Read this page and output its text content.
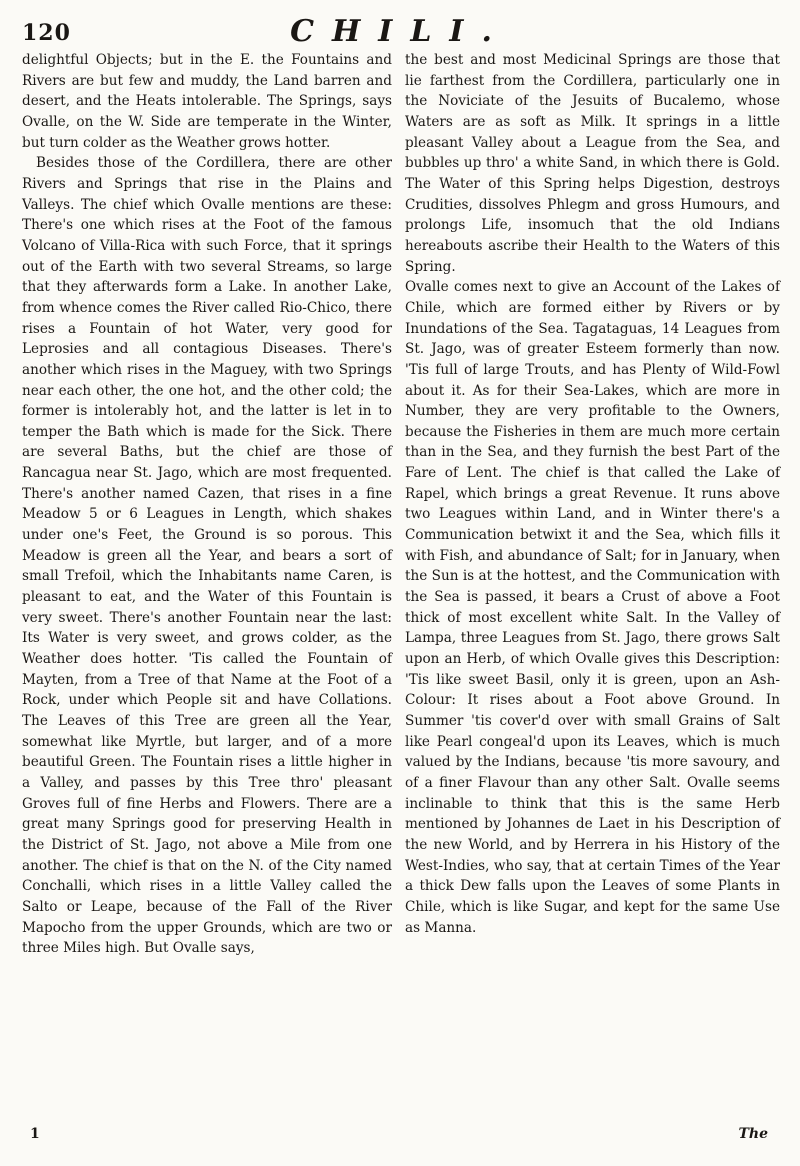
120	CHILI.

delightful Objects; but in the E. the Fountains and Rivers are but few and muddy, the Land barren and desert, and the Heats intolerable. The Springs, says Ovalle, on the W. Side are temperate in the Winter, but turn colder as the Weather grows hotter.

Besides those of the Cordillera, there are other Rivers and Springs that rise in the Plains and Valleys. The chief which Ovalle mentions are these: There's one which rises at the Foot of the famous Volcano of Villa-Rica with such Force, that it springs out of the Earth with two several Streams, so large that they afterwards form a Lake. In another Lake, from whence comes the River called Rio-Chico, there rises a Fountain of hot Water, very good for Leprosies and all contagious Diseases. There's another which rises in the Maguey, with two Springs near each other, the one hot, and the other cold; the former is intolerably hot, and the latter is let in to temper the Bath which is made for the Sick. There are several Baths, but the chief are those of Rancagua near St. Jago, which are most frequented. There's another named Cazen, that rises in a fine Meadow 5 or 6 Leagues in Length, which shakes under one's Feet, the Ground is so porous. This Meadow is green all the Year, and bears a sort of small Trefoil, which the Inhabitants name Caren, is pleasant to eat, and the Water of this Fountain is very sweet. There's another Fountain near the last: Its Water is very sweet, and grows colder, as the Weather does hotter. 'Tis called the Fountain of Mayten, from a Tree of that Name at the Foot of a Rock, under which People sit and have Collations. The Leaves of this Tree are green all the Year, somewhat like Myrtle, but larger, and of a more beautiful Green. The Fountain rises a little higher in a Valley, and passes by this Tree thro' pleasant Groves full of fine Herbs and Flowers. There are a great many Springs good for preserving Health in the District of St. Jago, not above a Mile from one another. The chief is that on the N. of the City named Conchalli, which rises in a little Valley called the Salto or Leape, because of the Fall of the River Mapocho from the upper Grounds, which are two or three Miles high. But Ovalle says,

the best and most Medicinal Springs are those that lie farthest from the Cordillera, particularly one in the Noviciate of the Jesuits of Bucalemo, whose Waters are as soft as Milk. It springs in a little pleasant Valley about a League from the Sea, and bubbles up thro' a white Sand, in which there is Gold. The Water of this Spring helps Digestion, destroys Crudities, dissolves Phlegm and gross Humours, and prolongs Life, insomuch that the old Indians hereabouts ascribe their Health to the Waters of this Spring.

Ovalle comes next to give an Account of the Lakes of Chile, which are formed either by Rivers or by Inundations of the Sea. Tagataguas, 14 Leagues from St. Jago, was of greater Esteem formerly than now. 'Tis full of large Trouts, and has Plenty of Wild-Fowl about it. As for their Sea-Lakes, which are more in Number, they are very profitable to the Owners, because the Fisheries in them are much more certain than in the Sea, and they furnish the best Part of the Fare of Lent. The chief is that called the Lake of Rapel, which brings a great Revenue. It runs above two Leagues within Land, and in Winter there's a Communication betwixt it and the Sea, which fills it with Fish, and abundance of Salt; for in January, when the Sun is at the hottest, and the Communication with the Sea is passed, it bears a Crust of above a Foot thick of most excellent white Salt. In the Valley of Lampa, three Leagues from St. Jago, there grows Salt upon an Herb, of which Ovalle gives this Description: 'Tis like sweet Basil, only it is green, upon an Ash-Colour: It rises about a Foot above Ground. In Summer 'tis cover'd over with small Grains of Salt like Pearl congeal'd upon its Leaves, which is much valued by the Indians, because 'tis more savoury, and of a finer Flavour than any other Salt. Ovalle seems inclinable to think that this is the same Herb mentioned by Johannes de Laet in his Description of the new World, and by Herrera in his History of the West-Indies, who say, that at certain Times of the Year a thick Dew falls upon the Leaves of some Plants in Chile, which is like Sugar, and kept for the same Use as Manna.

1	The
